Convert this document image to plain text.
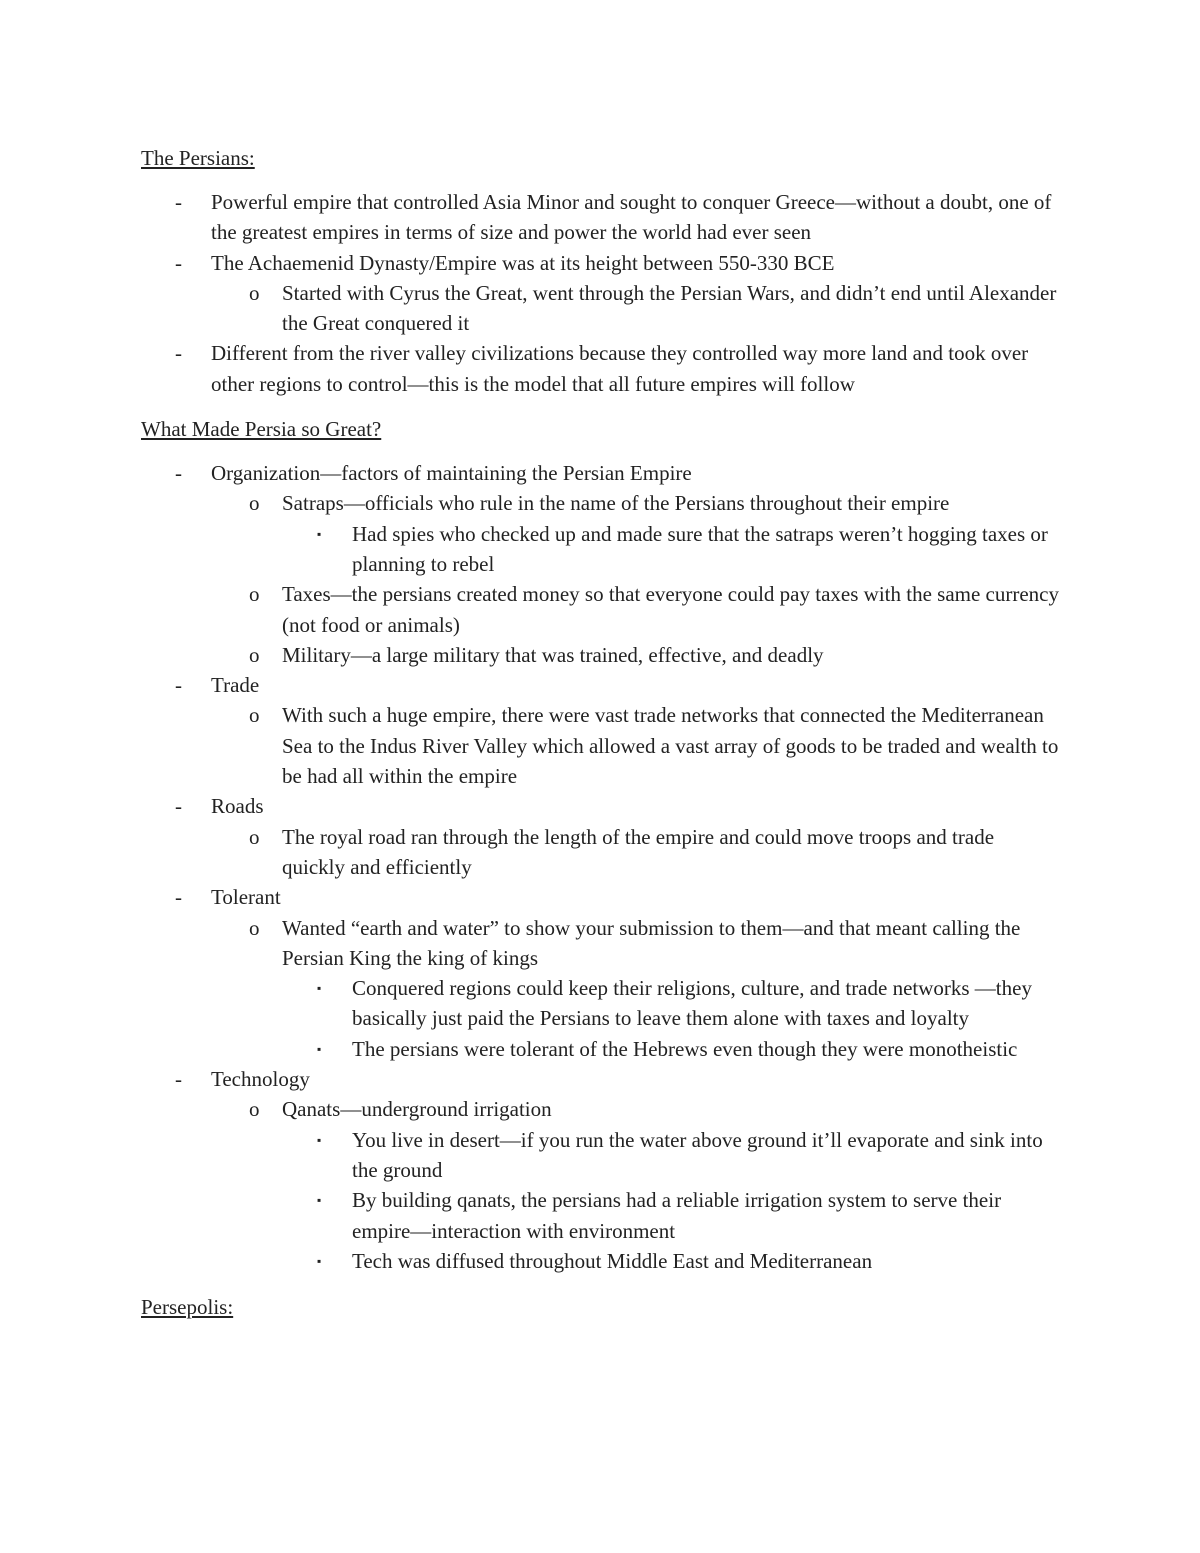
The Persians:

- Powerful empire that controlled Asia Minor and sought to conquer Greece—without a doubt, one of the greatest empires in terms of size and power the world had ever seen
- The Achaemenid Dynasty/Empire was at its height between 550-330 BCE
o Started with Cyrus the Great, went through the Persian Wars, and didn’t end until Alexander the Great conquered it
- Different from the river valley civilizations because they controlled way more land and took over other regions to control—this is the model that all future empires will follow

What Made Persia so Great?

- Organization—factors of maintaining the Persian Empire
o Satraps—officials who rule in the name of the Persians throughout their empire
▪ Had spies who checked up and made sure that the satraps weren’t hogging taxes or planning to rebel
o Taxes—the persians created money so that everyone could pay taxes with the same currency (not food or animals)
o Military—a large military that was trained, effective, and deadly
- Trade
o With such a huge empire, there were vast trade networks that connected the Mediterranean Sea to the Indus River Valley which allowed a vast array of goods to be traded and wealth to be had all within the empire
- Roads
o The royal road ran through the length of the empire and could move troops and trade quickly and efficiently
- Tolerant
o Wanted “earth and water” to show your submission to them—and that meant calling the Persian King the king of kings
▪ Conquered regions could keep their religions, culture, and trade networks —they basically just paid the Persians to leave them alone with taxes and loyalty
▪ The persians were tolerant of the Hebrews even though they were monotheistic
- Technology
o Qanats—underground irrigation
▪ You live in desert—if you run the water above ground it’ll evaporate and sink into the ground
▪ By building qanats, the persians had a reliable irrigation system to serve their empire—interaction with environment
▪ Tech was diffused throughout Middle East and Mediterranean

Persepolis:
